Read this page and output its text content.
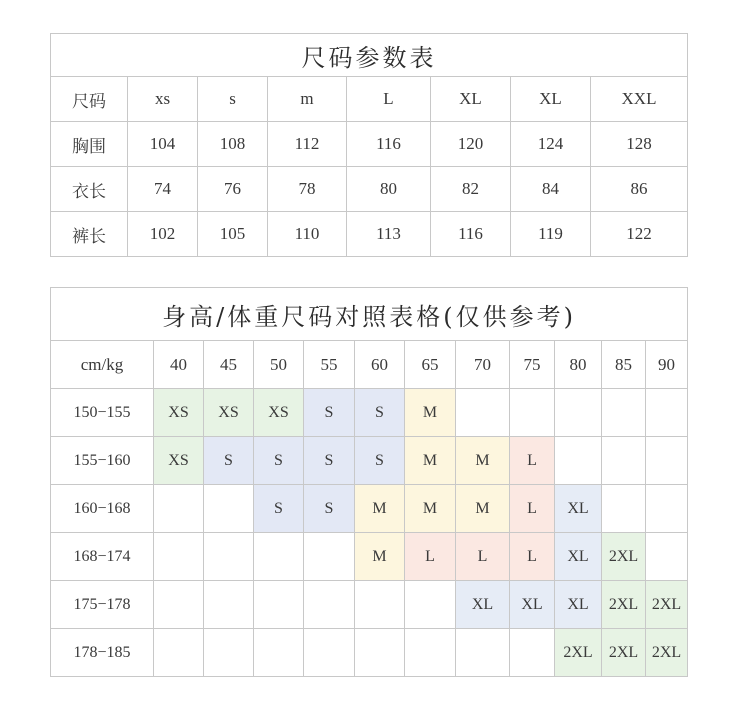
尺码参数表							
尺码	xs	s	m	L	XL	XL	XXL
胸围	104	108	112	116	120	124	128
衣长	74	76	78	80	82	84	86
裤长	102	105	110	113	116	119	122
身高/体重尺码对照表格(仅供参考)											
cm/kg	40	45	50	55	60	65	70	75	80	85	90
150−155	XS	XS	XS	S	S	M					
155−160	XS	S	S	S	S	M	M	L			
160−168			S	S	M	M	M	L	XL		
168−174					M	L	L	L	XL	2XL	
175−178							XL	XL	XL	2XL	2XL
178−185									2XL	2XL	2XL
